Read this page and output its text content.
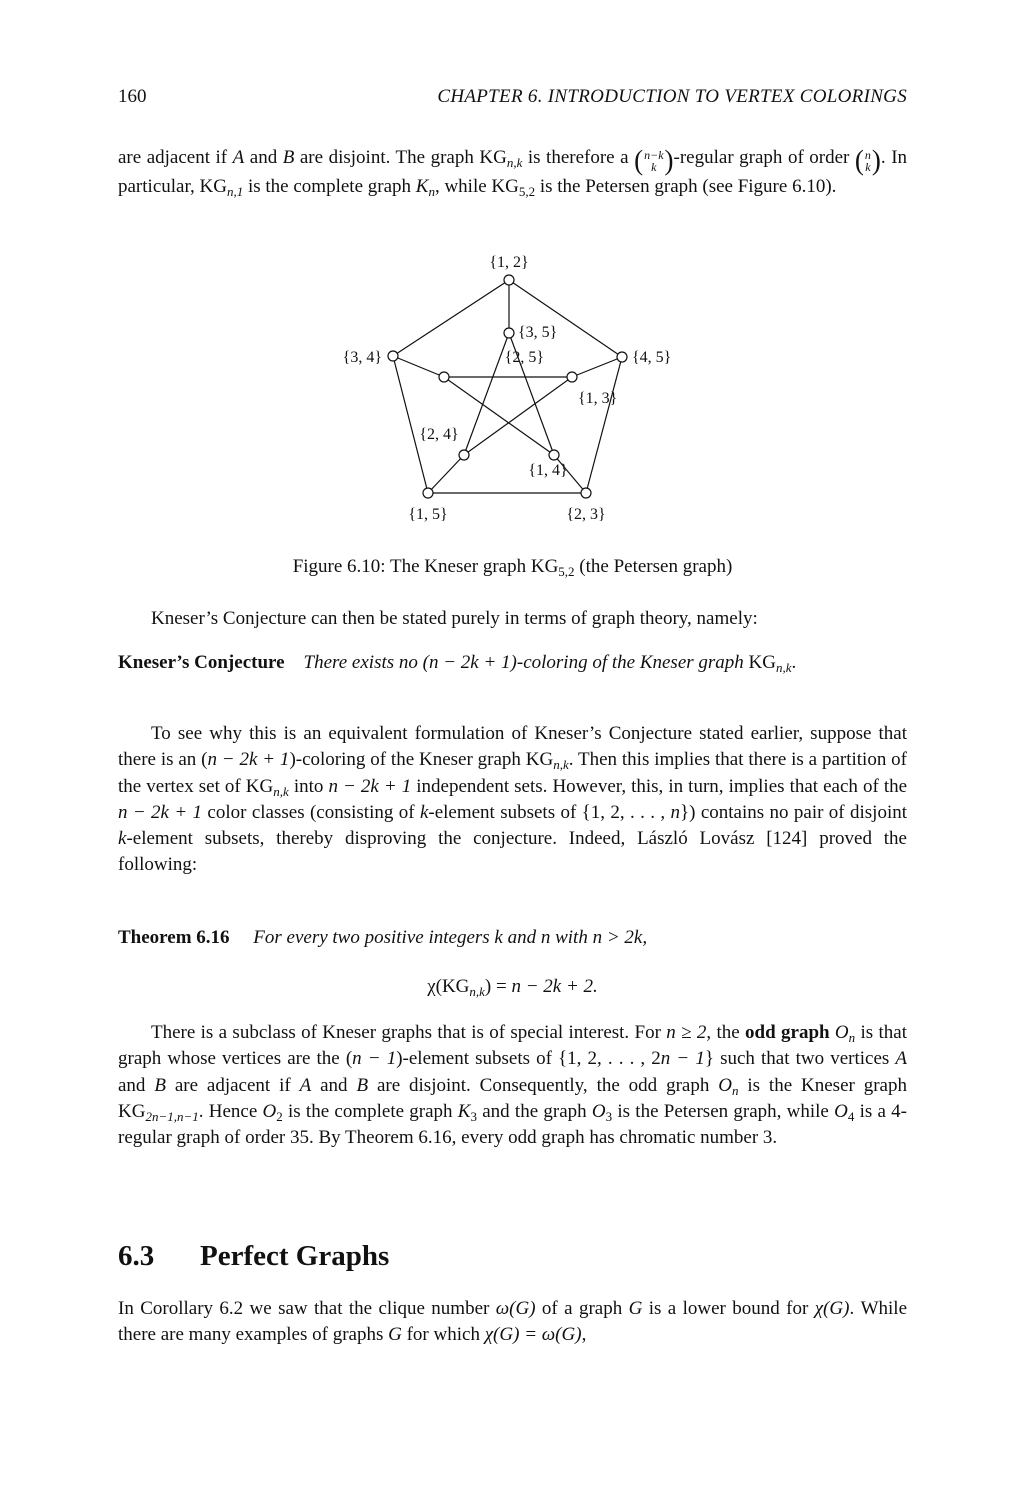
160	CHAPTER 6. INTRODUCTION TO VERTEX COLORINGS

are adjacent if A and B are disjoint. The graph $KG_{n,k}$ is therefore a ( n−k
k ) -regular graph of order ( n
k ) . In particular, $KG_{n,1}$ is the complete graph $K_n$, while $KG_{5,2}$ is the Petersen graph (see Figure 6.10).

{1, 2}
{3, 5}
{3, 4}	{2, 5}	{4, 5}
{1, 3}
{2, 4}
{1, 4}
{1, 5}	{2, 3}

Figure 6.10: The Kneser graph $KG_{5,2}$ (the Petersen graph)

Kneser’s Conjecture can then be stated purely in terms of graph theory, namely:

Kneser’s Conjecture There exists no (n − 2k + 1)-coloring of the Kneser graph $KG_{n,k}$.

To see why this is an equivalent formulation of Kneser’s Conjecture stated earlier, suppose that there is an (n − 2k + 1)-coloring of the Kneser graph $KG_{n,k}$. Then this implies that there is a partition of the vertex set of $KG_{n,k}$ into n − 2k + 1 independent sets. However, this, in turn, implies that each of the n − 2k + 1 color classes (consisting of k-element subsets of {1, 2, . . . , n}) contains no pair of disjoint k-element subsets, thereby disproving the conjecture. Indeed, László Lovász [124] proved the following:

Theorem 6.16 For every two positive integers k and n with n > 2k,

$\chi(KG_{n,k}) = n - 2k + 2$.

There is a subclass of Kneser graphs that is of special interest. For n ≥ 2, the odd graph $O_n$ is that graph whose vertices are the (n − 1)-element subsets of {1, 2, . . . , 2n − 1} such that two vertices A and B are adjacent if A and B are disjoint. Consequently, the odd graph $O_n$ is the Kneser graph $KG_{2n-1,n-1}$. Hence $O_2$ is the complete graph $K_3$ and the graph $O_3$ is the Petersen graph, while $O_4$ is a 4-regular graph of order 35. By Theorem 6.16, every odd graph has chromatic number 3.

6.3 Perfect Graphs

In Corollary 6.2 we saw that the clique number ω(G) of a graph G is a lower bound for χ(G). While there are many examples of graphs G for which χ(G) = ω(G),
